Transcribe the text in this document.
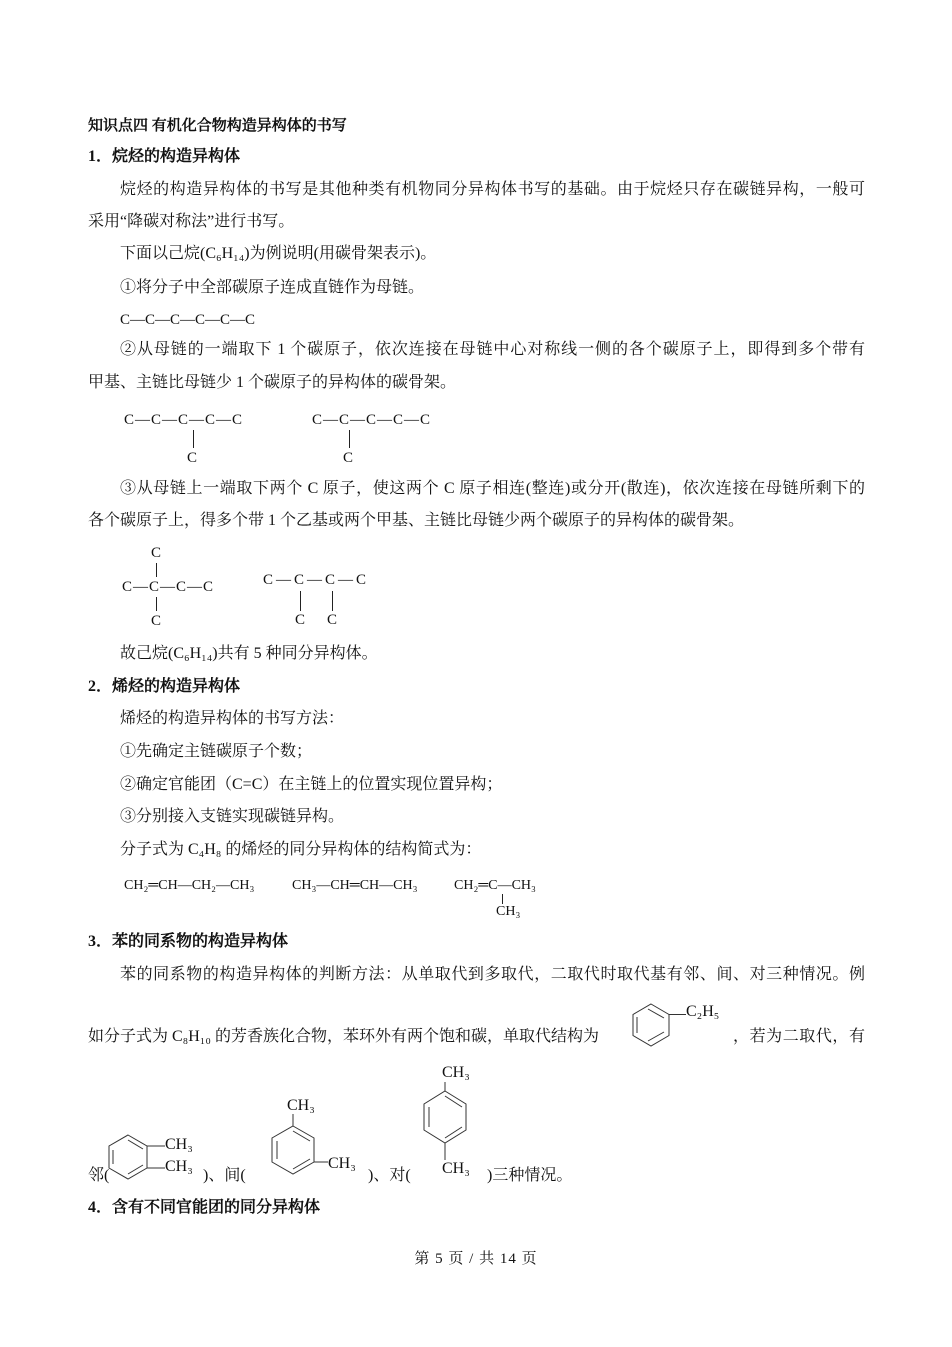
知识点四 有机化合物构造异构体的书写
1．烷烃的构造异构体
烷烃的构造异构体的书写是其他种类有机物同分异构体书写的基础。由于烷烃只存在碳链异构，一般可
采用“降碳对称法”进行书写。
下面以己烷(C₆H₁₄)为例说明(用碳骨架表示)。
①将分子中全部碳原子连成直链作为母链。
C—C—C—C—C—C
②从母链的一端取下 1 个碳原子，依次连接在母链中心对称线一侧的各个碳原子上，即得到多个带有
甲基、主链比母链少 1 个碳原子的异构体的碳骨架。
C—C—C—C—C
C
C—C—C—C—C
C
③从母链上一端取下两个 C 原子，使这两个 C 原子相连(整连)或分开(散连)，依次连接在母链所剩下的
各个碳原子上，得多个带 1 个乙基或两个甲基、主链比母链少两个碳原子的异构体的碳骨架。
C
C—C—C—C
C
C—C—C—C
C C
故己烷(C₆H₁₄)共有 5 种同分异构体。
2．烯烃的构造异构体
烯烃的构造异构体的书写方法：
①先确定主链碳原子个数；
②确定官能团（C=C）在主链上的位置实现位置异构；
③分别接入支链实现碳链异构。
分子式为 C₄H₈ 的烯烃的同分异构体的结构简式为：
CH₂═CH—CH₂—CH₃	CH₃—CH═CH—CH₃	CH₂═C—CH₃
CH₃
3．苯的同系物的构造异构体
苯的同系物的构造异构体的判断方法：从单取代到多取代，二取代时取代基有邻、间、对三种情况。例
如分子式为 C₈H₁₀ 的芳香族化合物，苯环外有两个饱和碳，单取代结构为
C₂H₅
，若为二取代，有
邻(
CH₃
CH₃
)、间(
CH₃
CH₃
)、对(
CH₃
CH₃ )三种情况。
4．含有不同官能团的同分异构体
第 5 页 / 共 14 页
